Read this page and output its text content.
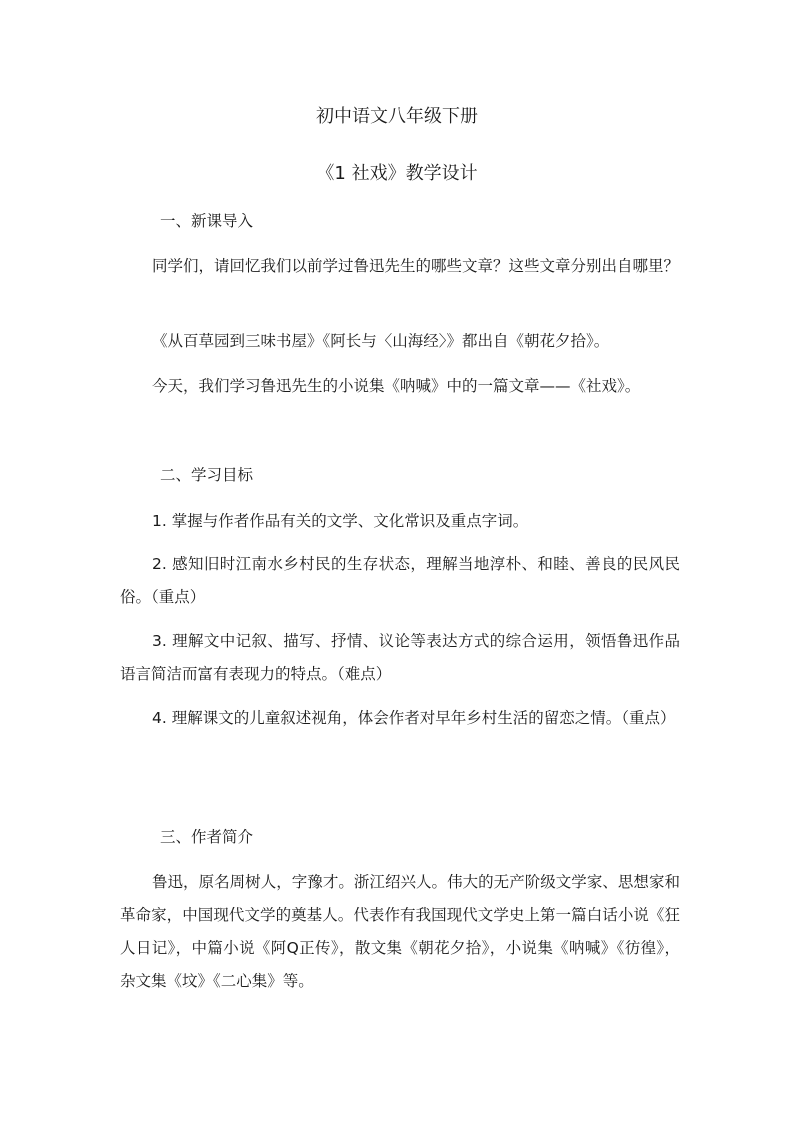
初中语文八年级下册
《1 社戏》教学设计
一、新课导入
同学们，请回忆我们以前学过鲁迅先生的哪些文章？这些文章分别出自哪里？
《从百草园到三味书屋》《阿长与〈山海经〉》都出自《朝花夕拾》。
今天，我们学习鲁迅先生的小说集《呐喊》中的一篇文章——《社戏》。
二、学习目标
1. 掌握与作者作品有关的文学、文化常识及重点字词。
2. 感知旧时江南水乡村民的生存状态，理解当地淳朴、和睦、善良的民风民俗。（重点）
3. 理解文中记叙、描写、抒情、议论等表达方式的综合运用，领悟鲁迅作品语言简洁而富有表现力的特点。（难点）
4. 理解课文的儿童叙述视角，体会作者对早年乡村生活的留恋之情。（重点）
三、作者简介
鲁迅，原名周树人，字豫才。浙江绍兴人。伟大的无产阶级文学家、思想家和革命家，中国现代文学的奠基人。代表作有我国现代文学史上第一篇白话小说《狂人日记》，中篇小说《阿Q正传》，散文集《朝花夕拾》，小说集《呐喊》《彷徨》，杂文集《坟》《二心集》等。
